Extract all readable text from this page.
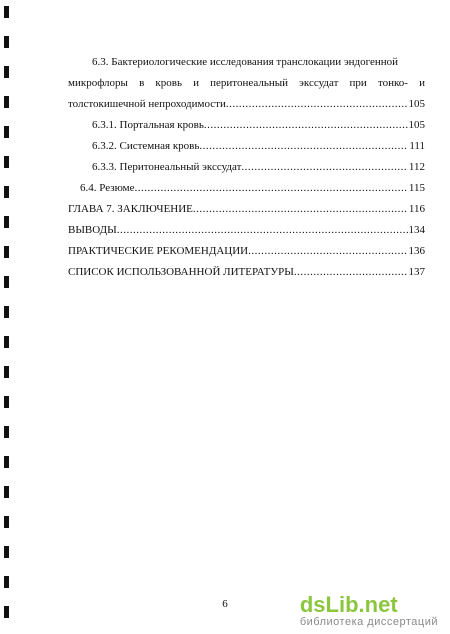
6.3. Бактериологические исследования транслокации эндогенной
микрофлоры в кровь и перитонеальный экссудат при тонко- и
толстокишечной непроходимости .....	105
6.3.1. Портальная кровь .....	105
6.3.2. Системная кровь .....	111
6.3.3. Перитонеальный экссудат .....	112
6.4. Резюме .....	115
ГЛАВА 7. ЗАКЛЮЧЕНИЕ .....	116
ВЫВОДЫ .....	134
ПРАКТИЧЕСКИЕ РЕКОМЕНДАЦИИ .....	136
СПИСОК ИСПОЛЬЗОВАННОЙ ЛИТЕРАТУРЫ .....	137
6	dsLib.net
библиотека диссертаций
